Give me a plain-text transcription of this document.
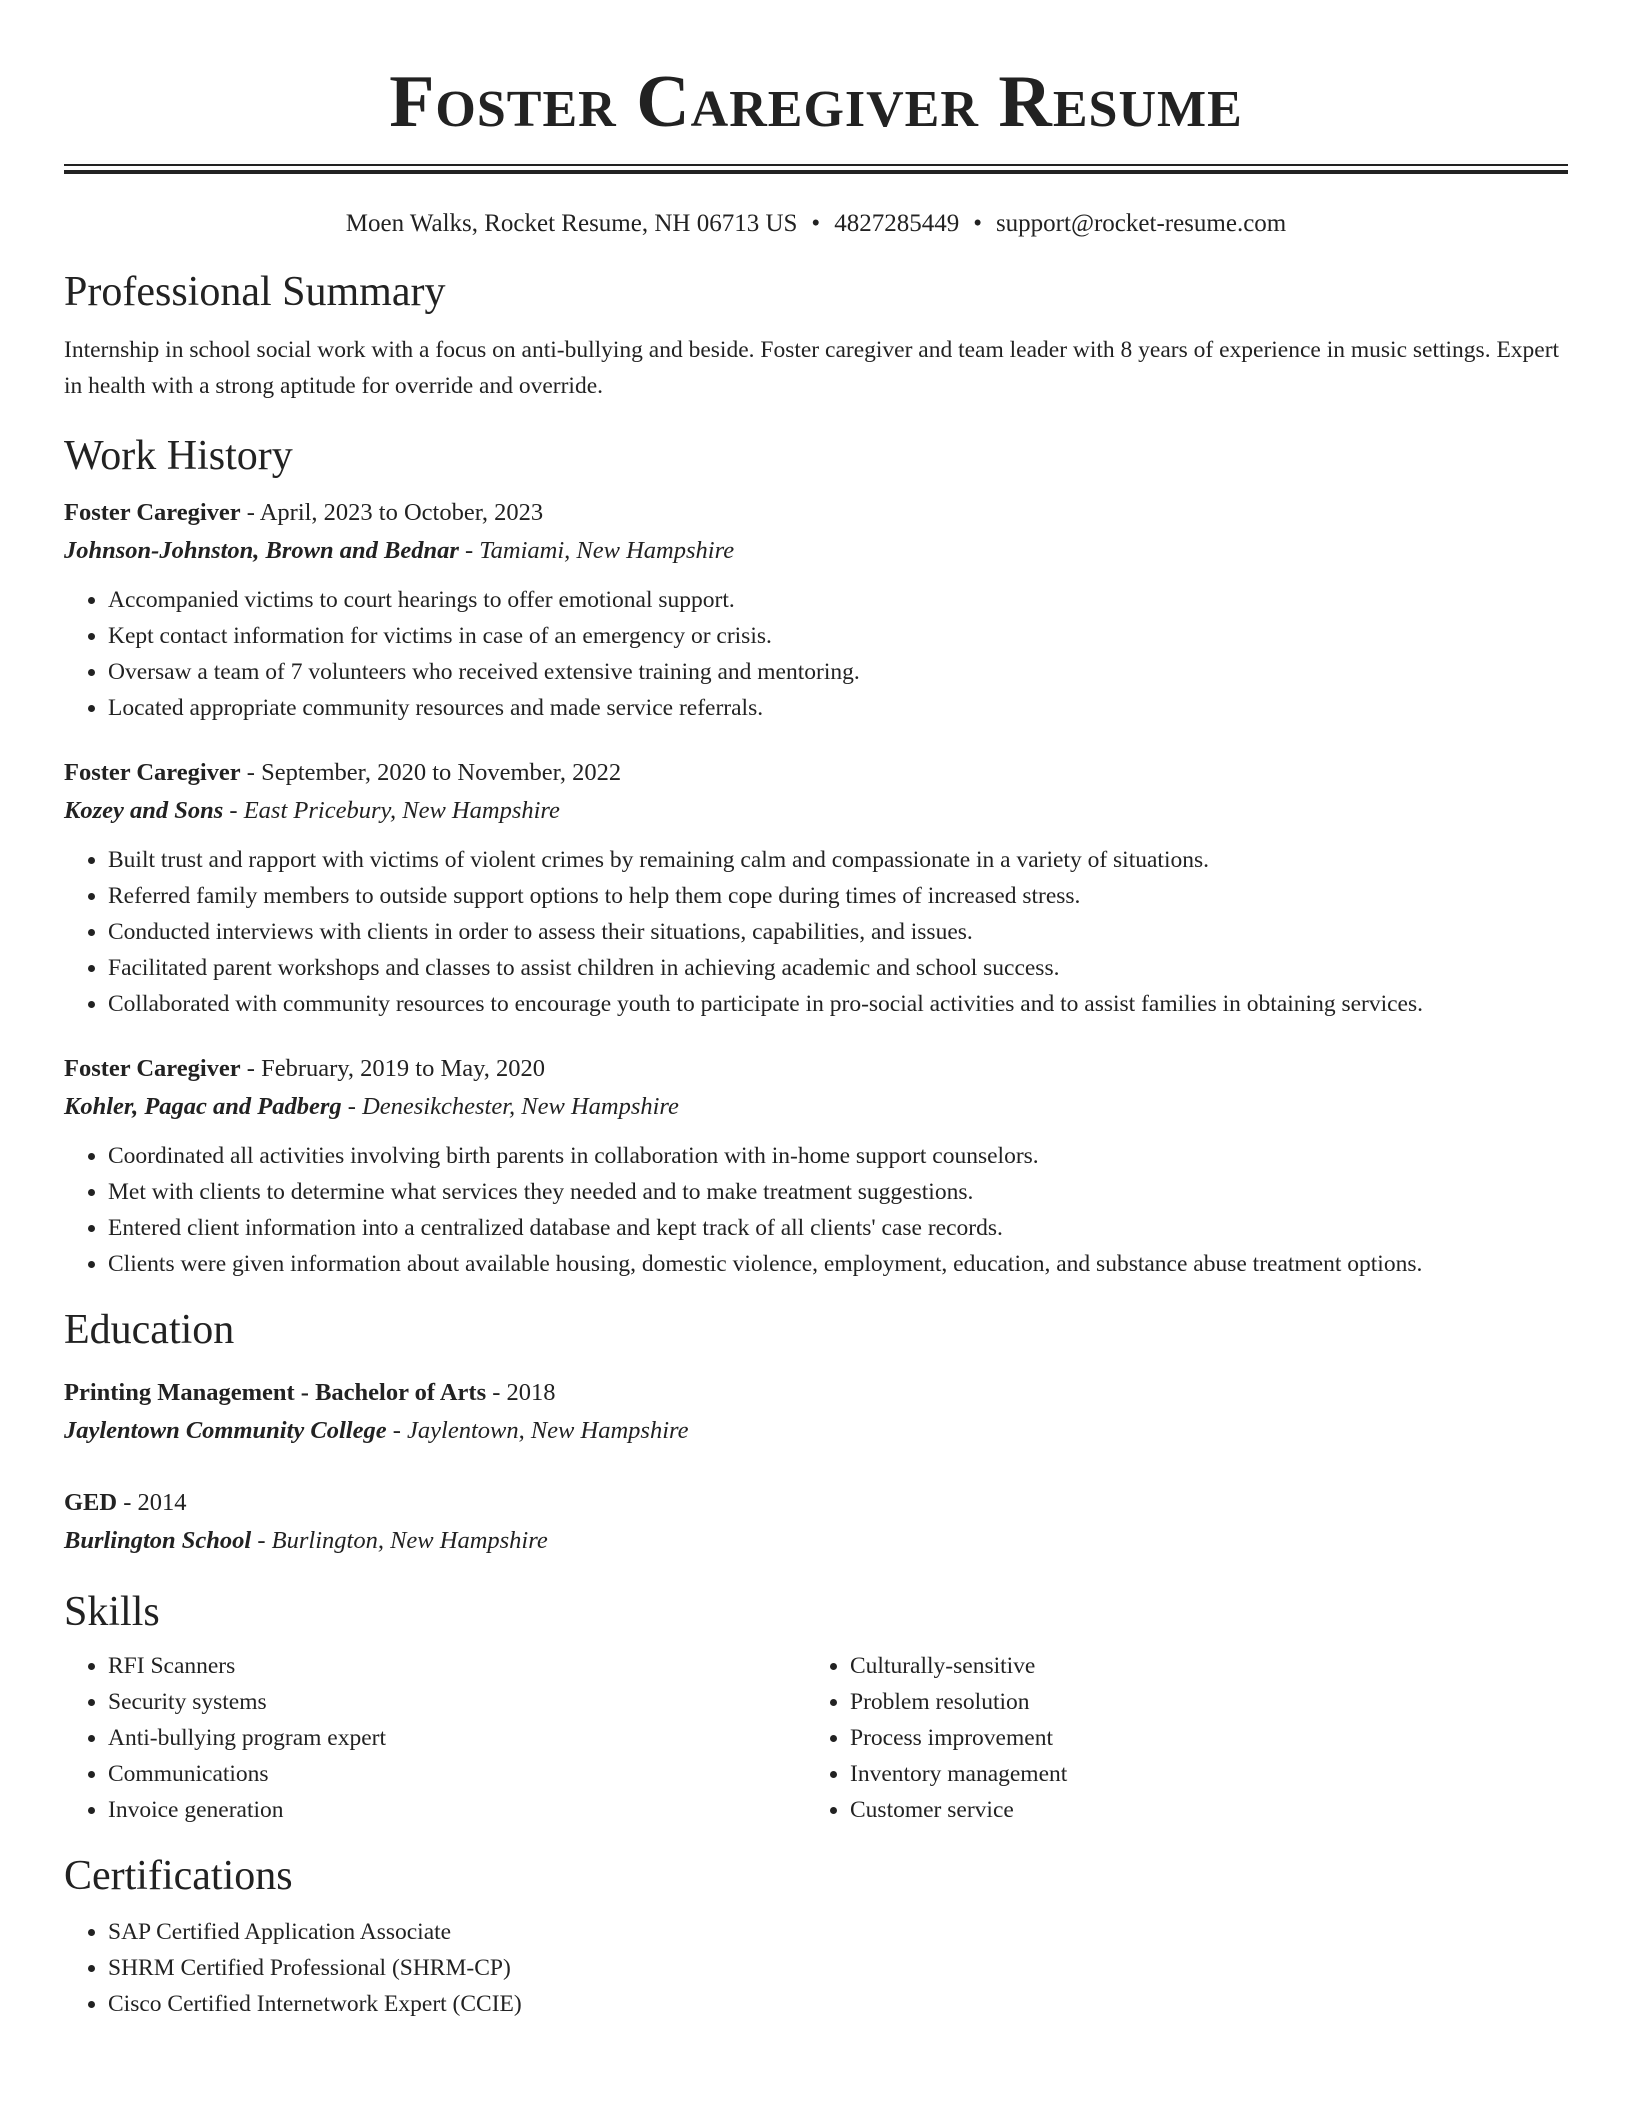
Foster Caregiver Resume
Moen Walks, Rocket Resume, NH 06713 US • 4827285449 • support@rocket-resume.com
Professional Summary
Internship in school social work with a focus on anti-bullying and beside. Foster caregiver and team leader with 8 years of experience in music settings. Expert in health with a strong aptitude for override and override.
Work History
Foster Caregiver - April, 2023 to October, 2023
Johnson-Johnston, Brown and Bednar - Tamiami, New Hampshire
• Accompanied victims to court hearings to offer emotional support.
• Kept contact information for victims in case of an emergency or crisis.
• Oversaw a team of 7 volunteers who received extensive training and mentoring.
• Located appropriate community resources and made service referrals.
Foster Caregiver - September, 2020 to November, 2022
Kozey and Sons - East Pricebury, New Hampshire
• Built trust and rapport with victims of violent crimes by remaining calm and compassionate in a variety of situations.
• Referred family members to outside support options to help them cope during times of increased stress.
• Conducted interviews with clients in order to assess their situations, capabilities, and issues.
• Facilitated parent workshops and classes to assist children in achieving academic and school success.
• Collaborated with community resources to encourage youth to participate in pro-social activities and to assist families in obtaining services.
Foster Caregiver - February, 2019 to May, 2020
Kohler, Pagac and Padberg - Denesikchester, New Hampshire
• Coordinated all activities involving birth parents in collaboration with in-home support counselors.
• Met with clients to determine what services they needed and to make treatment suggestions.
• Entered client information into a centralized database and kept track of all clients' case records.
• Clients were given information about available housing, domestic violence, employment, education, and substance abuse treatment options.
Education
Printing Management - Bachelor of Arts - 2018
Jaylentown Community College - Jaylentown, New Hampshire
GED - 2014
Burlington School - Burlington, New Hampshire
Skills
• RFI Scanners
• Security systems
• Anti-bullying program expert
• Communications
• Invoice generation
• Culturally-sensitive
• Problem resolution
• Process improvement
• Inventory management
• Customer service
Certifications
• SAP Certified Application Associate
• SHRM Certified Professional (SHRM-CP)
• Cisco Certified Internetwork Expert (CCIE)
